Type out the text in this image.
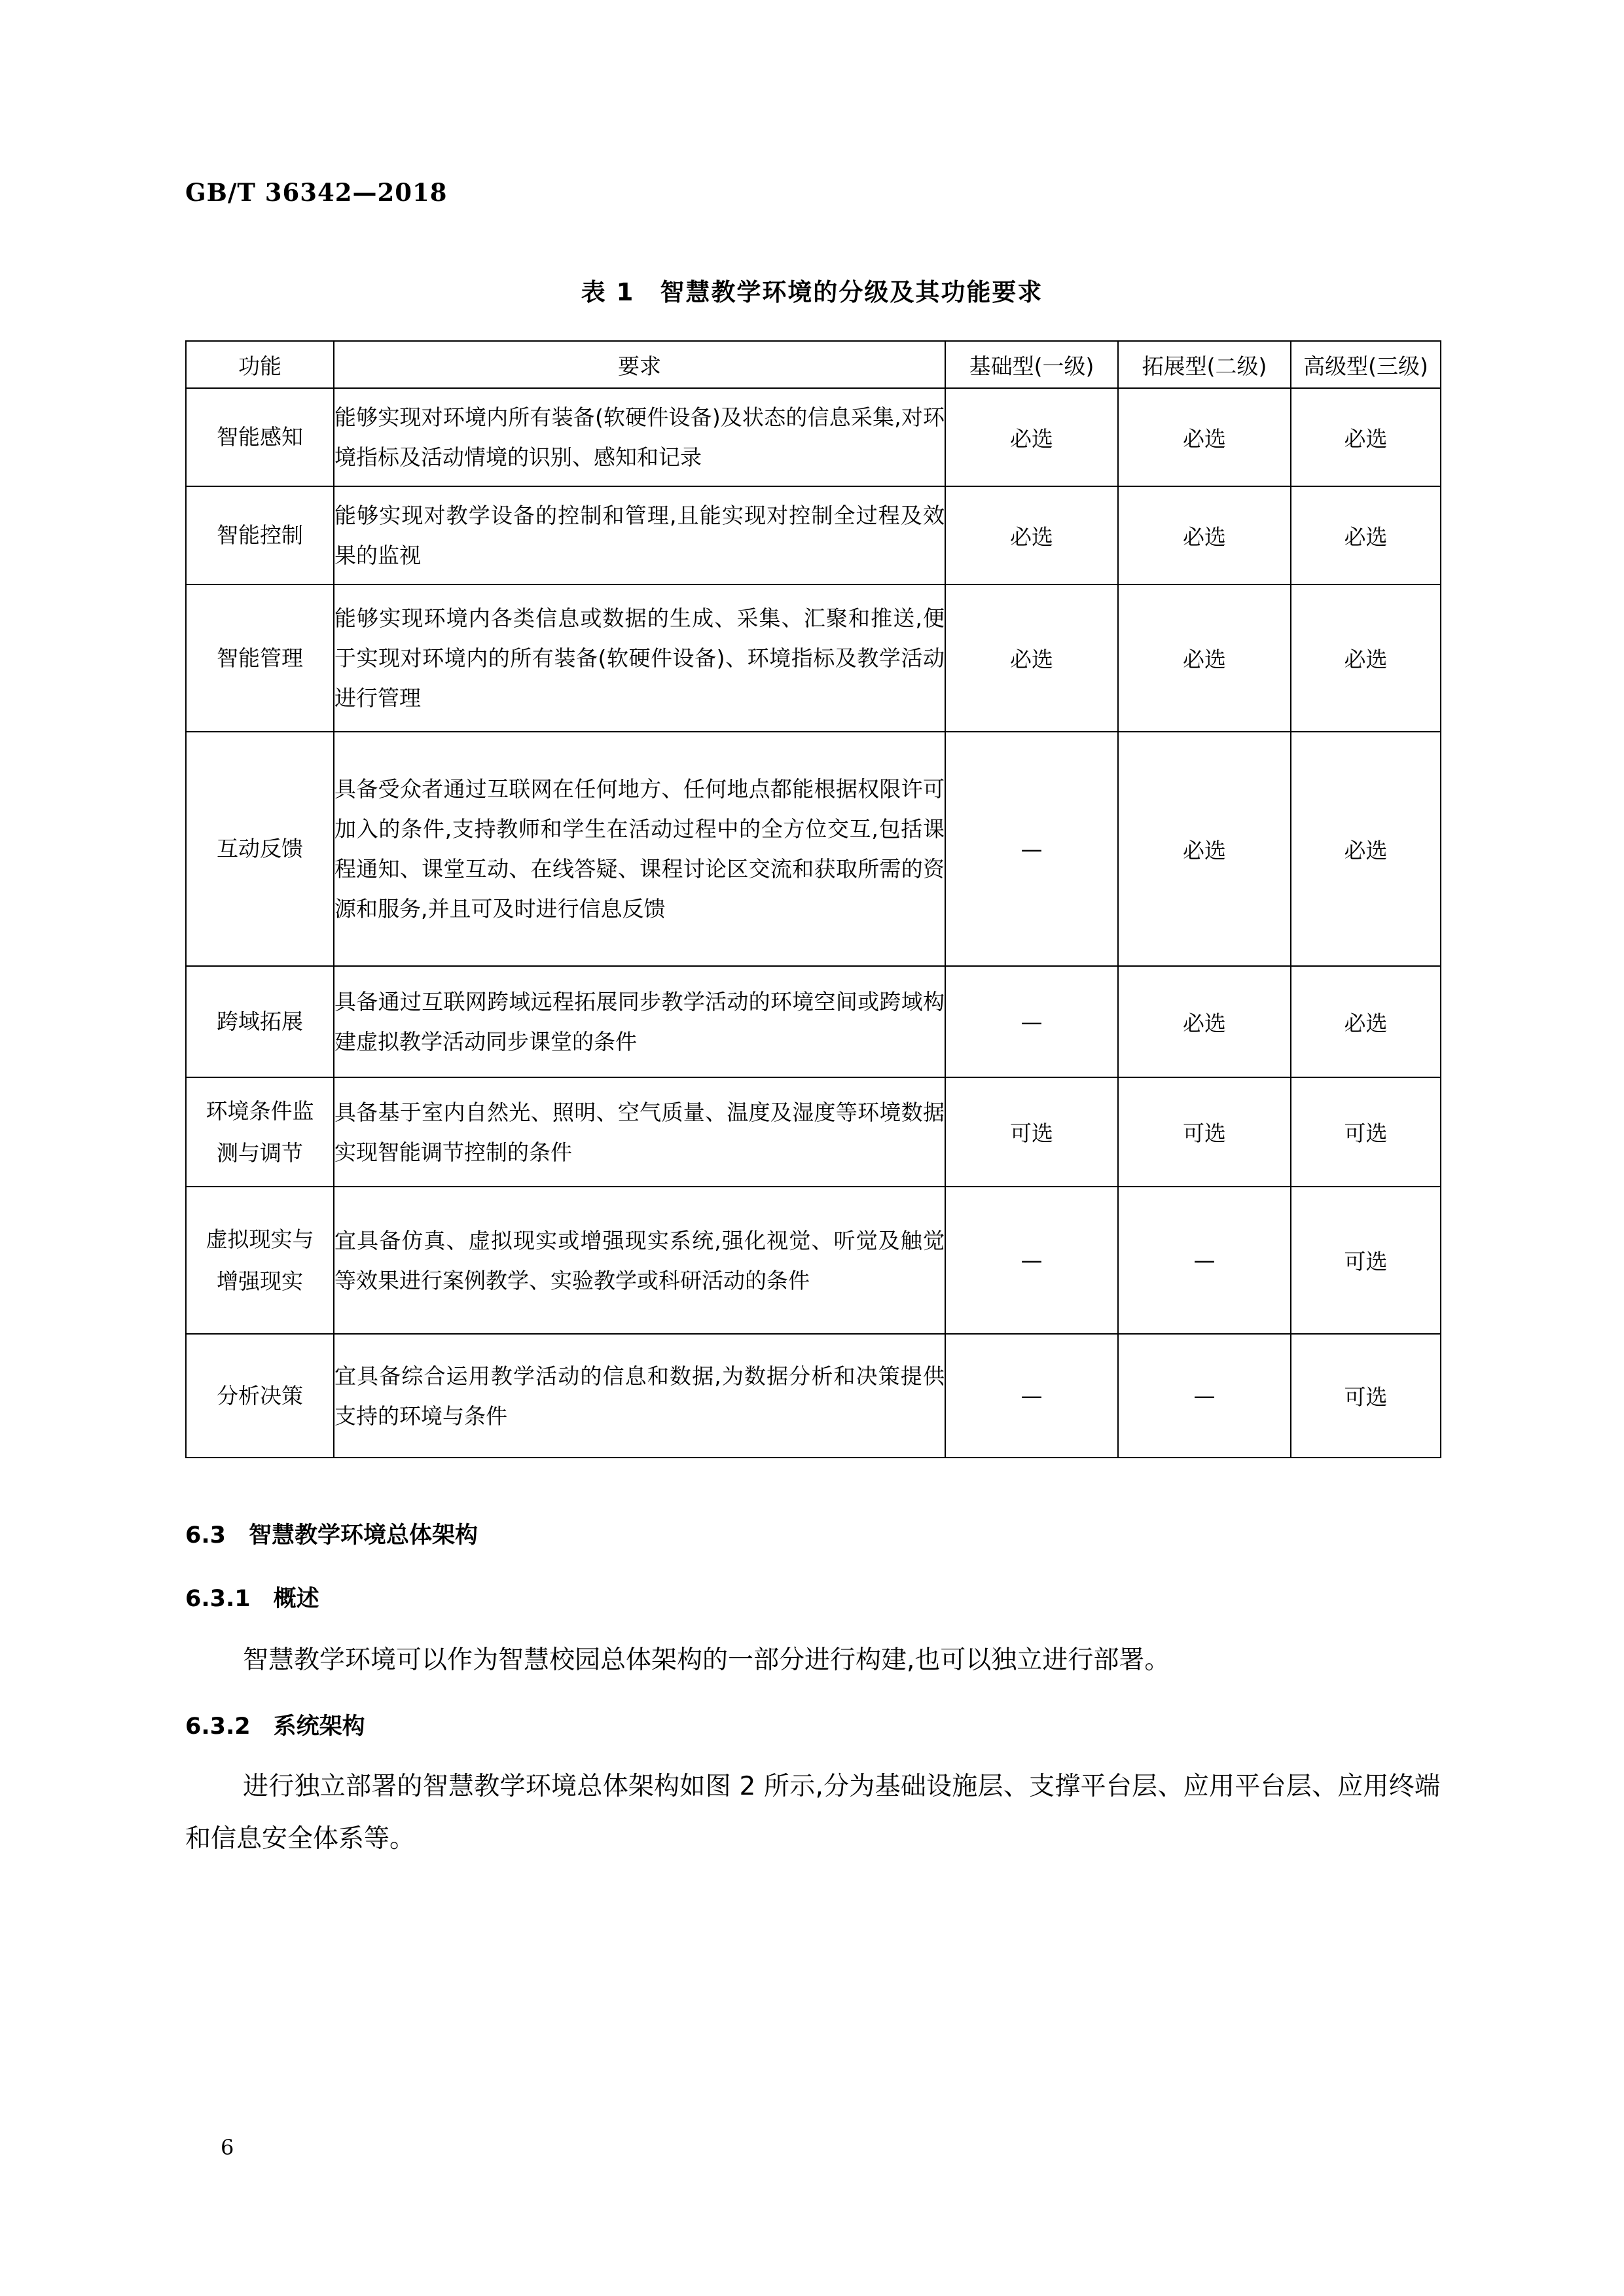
GB/T 36342—2018
表 1　智慧教学环境的分级及其功能要求
功能	要求	基础型(一级)	拓展型(二级)	高级型(三级)
智能感知	能够实现对环境内所有装备(软硬件设备)及状态的信息采集,对环境指标及活动情境的识别、感知和记录	必选	必选	必选
智能控制	能够实现对教学设备的控制和管理,且能实现对控制全过程及效果的监视	必选	必选	必选
智能管理	能够实现环境内各类信息或数据的生成、采集、汇聚和推送,便于实现对环境内的所有装备(软硬件设备)、环境指标及教学活动进行管理	必选	必选	必选
互动反馈	具备受众者通过互联网在任何地方、任何地点都能根据权限许可加入的条件,支持教师和学生在活动过程中的全方位交互,包括课程通知、课堂互动、在线答疑、课程讨论区交流和获取所需的资源和服务,并且可及时进行信息反馈	—	必选	必选
跨域拓展	具备通过互联网跨域远程拓展同步教学活动的环境空间或跨域构建虚拟教学活动同步课堂的条件	—	必选	必选
环境条件监测与调节	具备基于室内自然光、照明、空气质量、温度及湿度等环境数据实现智能调节控制的条件	可选	可选	可选
虚拟现实与增强现实	宜具备仿真、虚拟现实或增强现实系统,强化视觉、听觉及触觉等效果进行案例教学、实验教学或科研活动的条件	—	—	可选
分析决策	宜具备综合运用教学活动的信息和数据,为数据分析和决策提供支持的环境与条件	—	—	可选
6.3　智慧教学环境总体架构
6.3.1　概述
智慧教学环境可以作为智慧校园总体架构的一部分进行构建,也可以独立进行部署。
6.3.2　系统架构
进行独立部署的智慧教学环境总体架构如图 2 所示,分为基础设施层、支撑平台层、应用平台层、应用终端和信息安全体系等。
6
